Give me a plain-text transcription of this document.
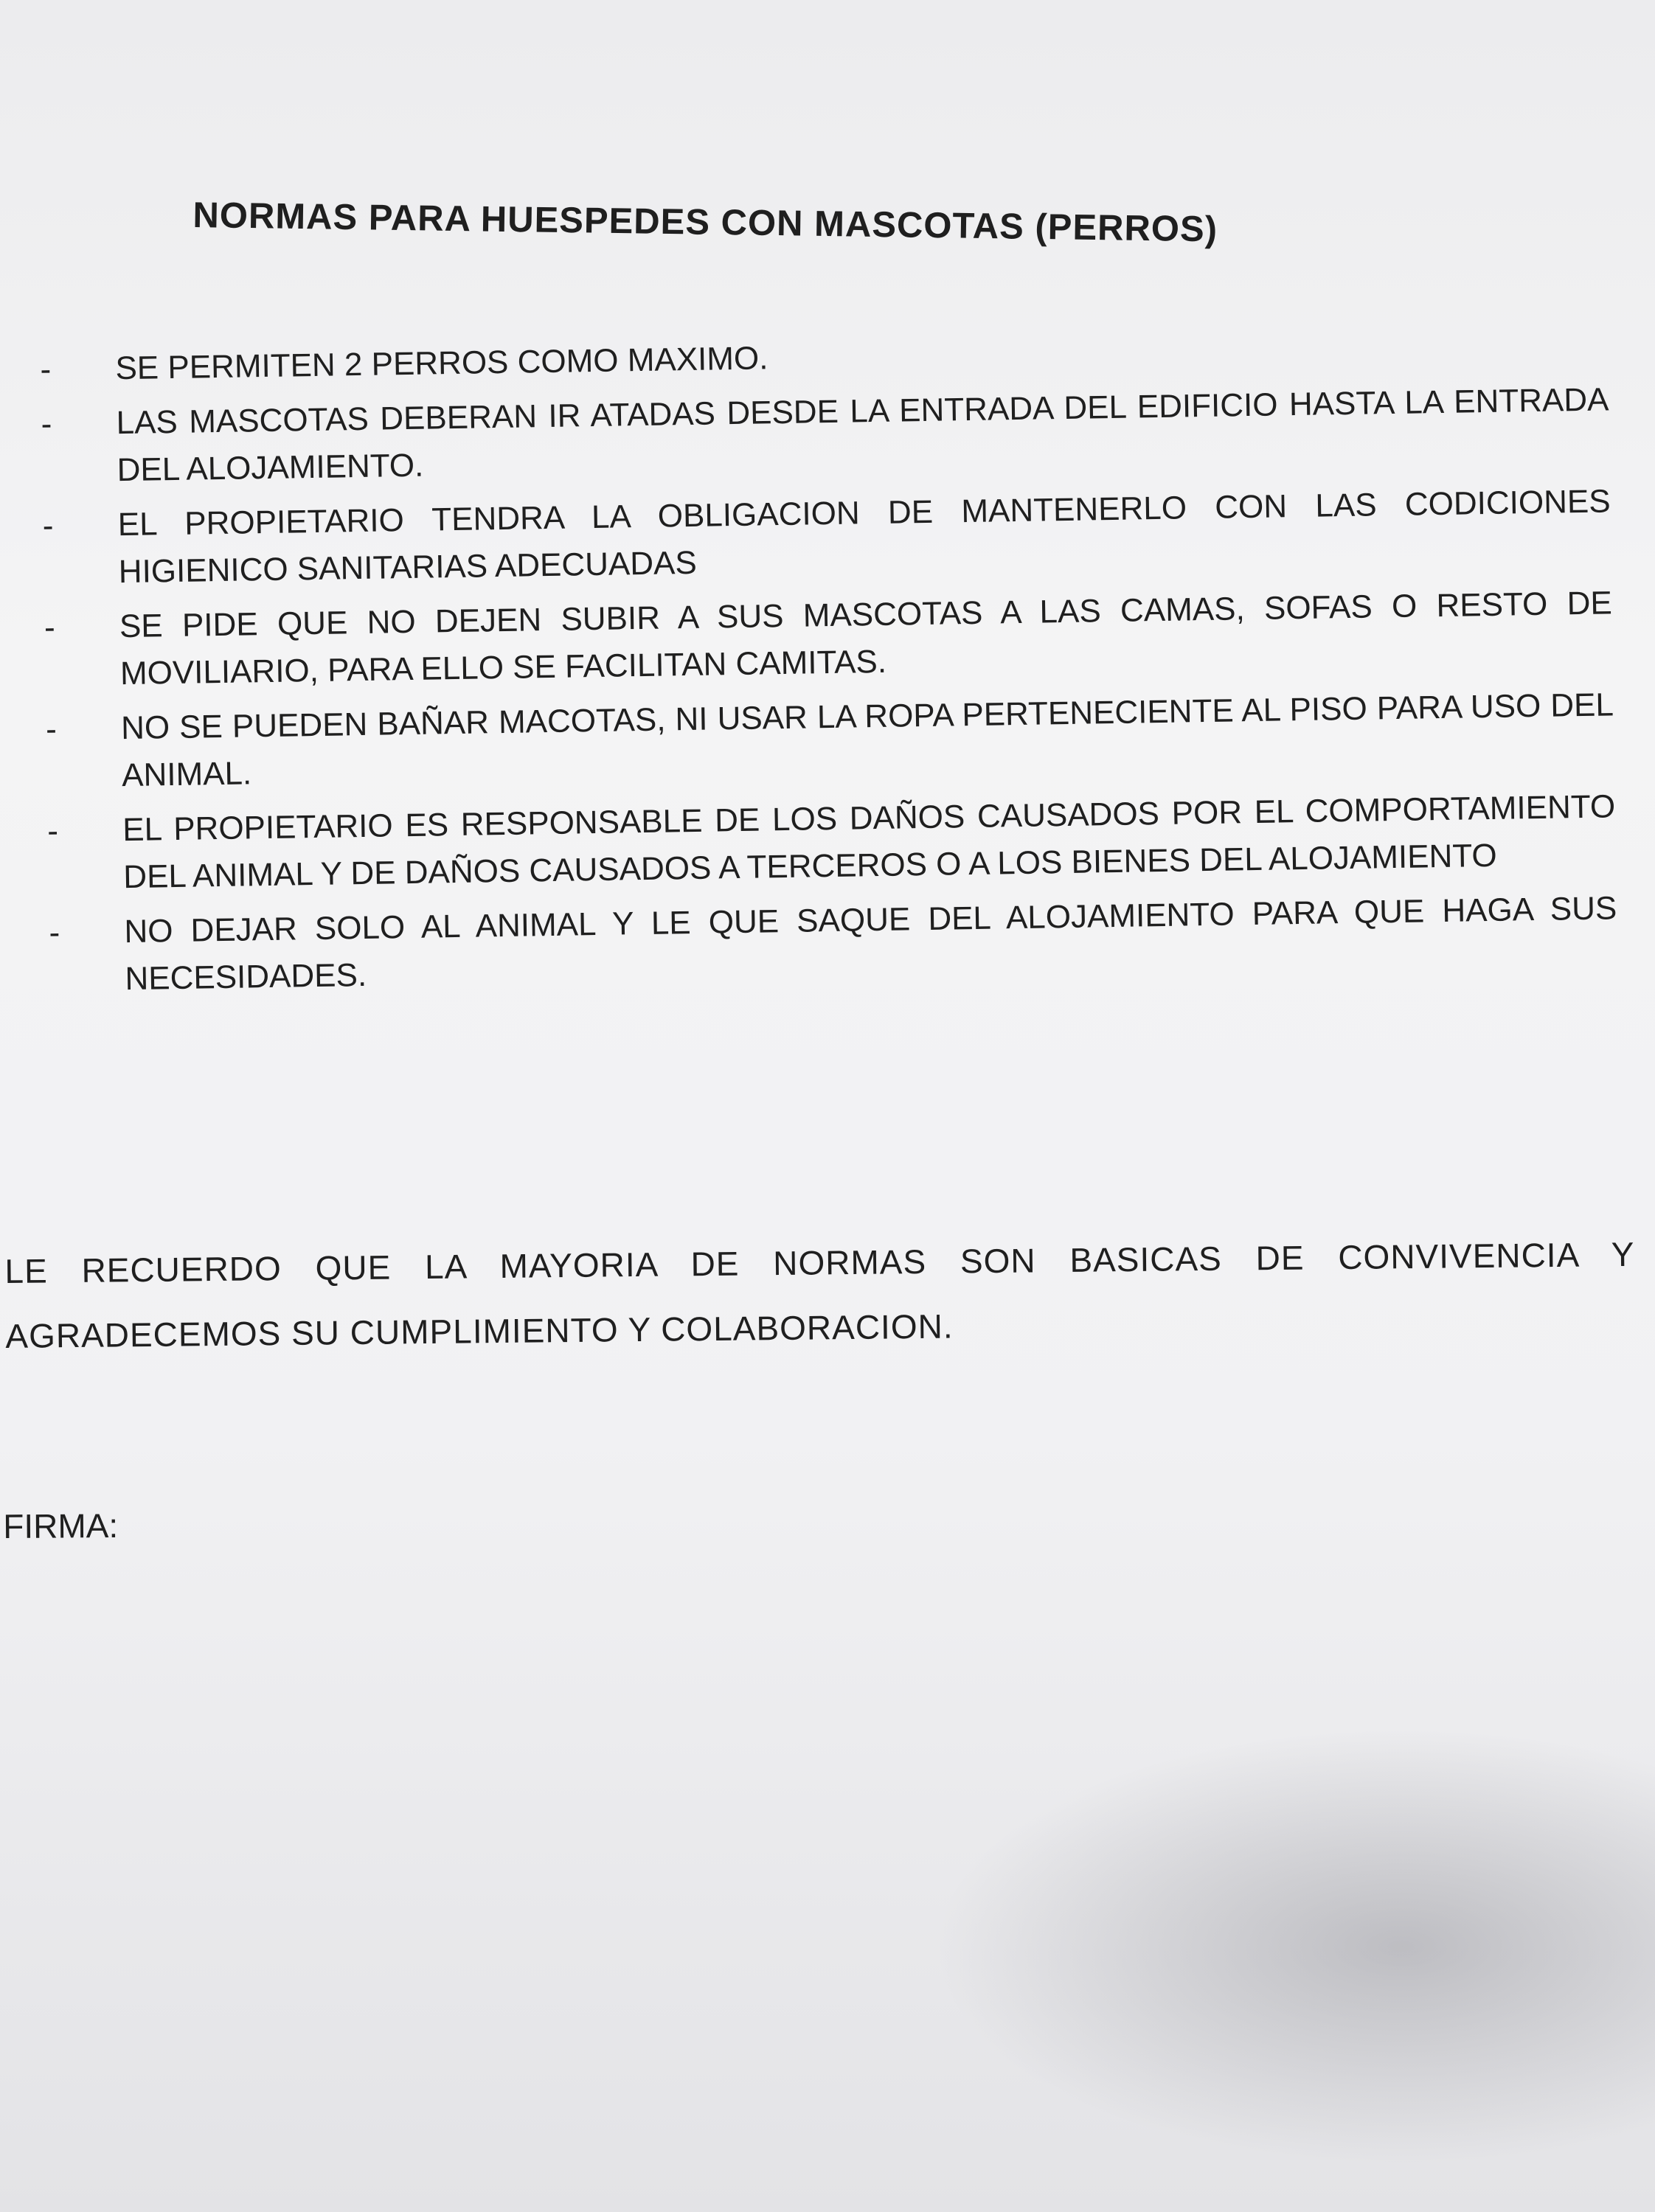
NORMAS PARA HUESPEDES CON MASCOTAS (PERROS)
-	SE PERMITEN 2 PERROS COMO MAXIMO.
-	LAS MASCOTAS DEBERAN IR ATADAS DESDE LA ENTRADA DEL EDIFICIO HASTA LA ENTRADA DEL ALOJAMIENTO.
-	EL PROPIETARIO TENDRA LA OBLIGACION DE MANTENERLO CON LAS CODICIONES HIGIENICO SANITARIAS ADECUADAS
-	SE PIDE QUE NO DEJEN SUBIR A SUS MASCOTAS A LAS CAMAS, SOFAS O RESTO DE MOVILIARIO, PARA ELLO SE FACILITAN CAMITAS.
-	NO SE PUEDEN BAÑAR MACOTAS, NI USAR LA ROPA PERTENECIENTE AL PISO PARA USO DEL ANIMAL.
-	EL PROPIETARIO ES RESPONSABLE DE LOS DAÑOS CAUSADOS POR EL COMPORTAMIENTO DEL ANIMAL Y DE DAÑOS CAUSADOS A TERCEROS O A LOS BIENES DEL ALOJAMIENTO
-	NO DEJAR SOLO AL ANIMAL Y LE QUE SAQUE DEL ALOJAMIENTO PARA QUE HAGA SUS NECESIDADES.

LE RECUERDO QUE LA MAYORIA DE NORMAS SON BASICAS DE CONVIVENCIA Y AGRADECEMOS SU CUMPLIMIENTO Y COLABORACION.

FIRMA:
